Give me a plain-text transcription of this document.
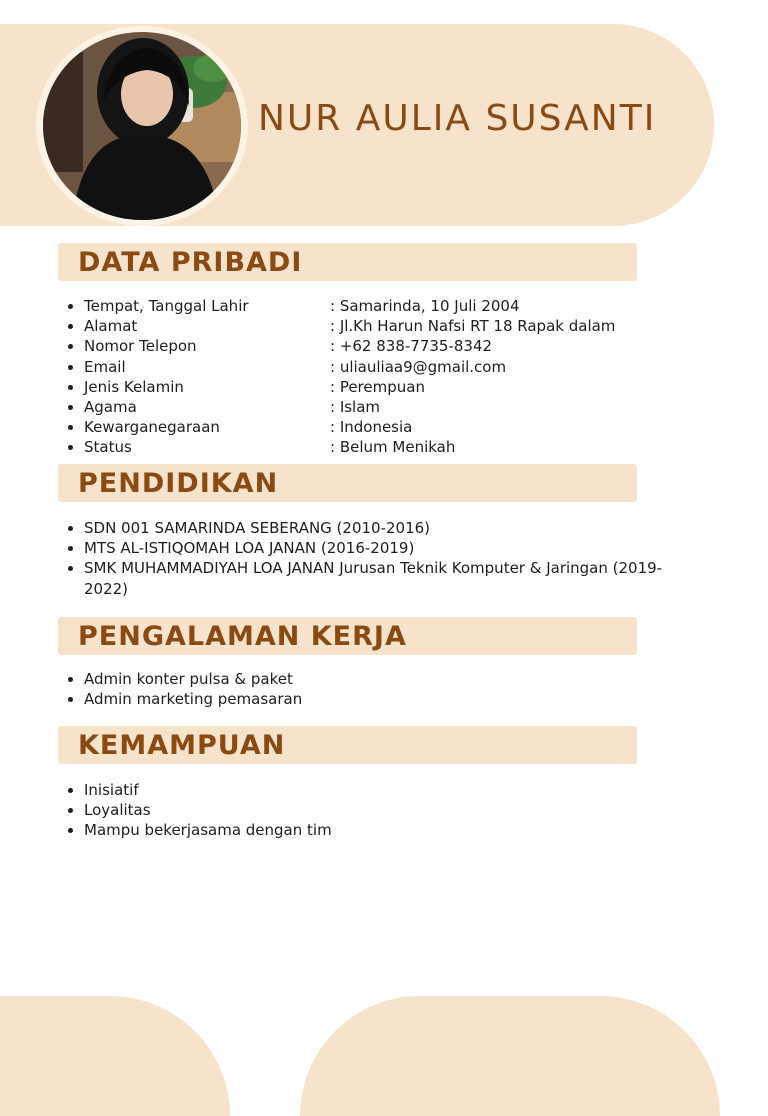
NUR AULIA SUSANTI
DATA PRIBADI
Tempat, Tanggal Lahir	: Samarinda, 10 Juli 2004
Alamat	: Jl.Kh Harun Nafsi RT 18 Rapak dalam
Nomor Telepon	: +62 838-7735-8342
Email	: uliauliaa9@gmail.com
Jenis Kelamin	: Perempuan
Agama	: Islam
Kewarganegaraan	: Indonesia
Status	: Belum Menikah
PENDIDIKAN
SDN 001 SAMARINDA SEBERANG (2010-2016)
MTS AL-ISTIQOMAH LOA JANAN (2016-2019)
SMK MUHAMMADIYAH LOA JANAN Jurusan Teknik Komputer & Jaringan (2019-2022)
PENGALAMAN KERJA
Admin konter pulsa & paket
Admin marketing pemasaran
KEMAMPUAN
Inisiatif
Loyalitas
Mampu bekerjasama dengan tim
